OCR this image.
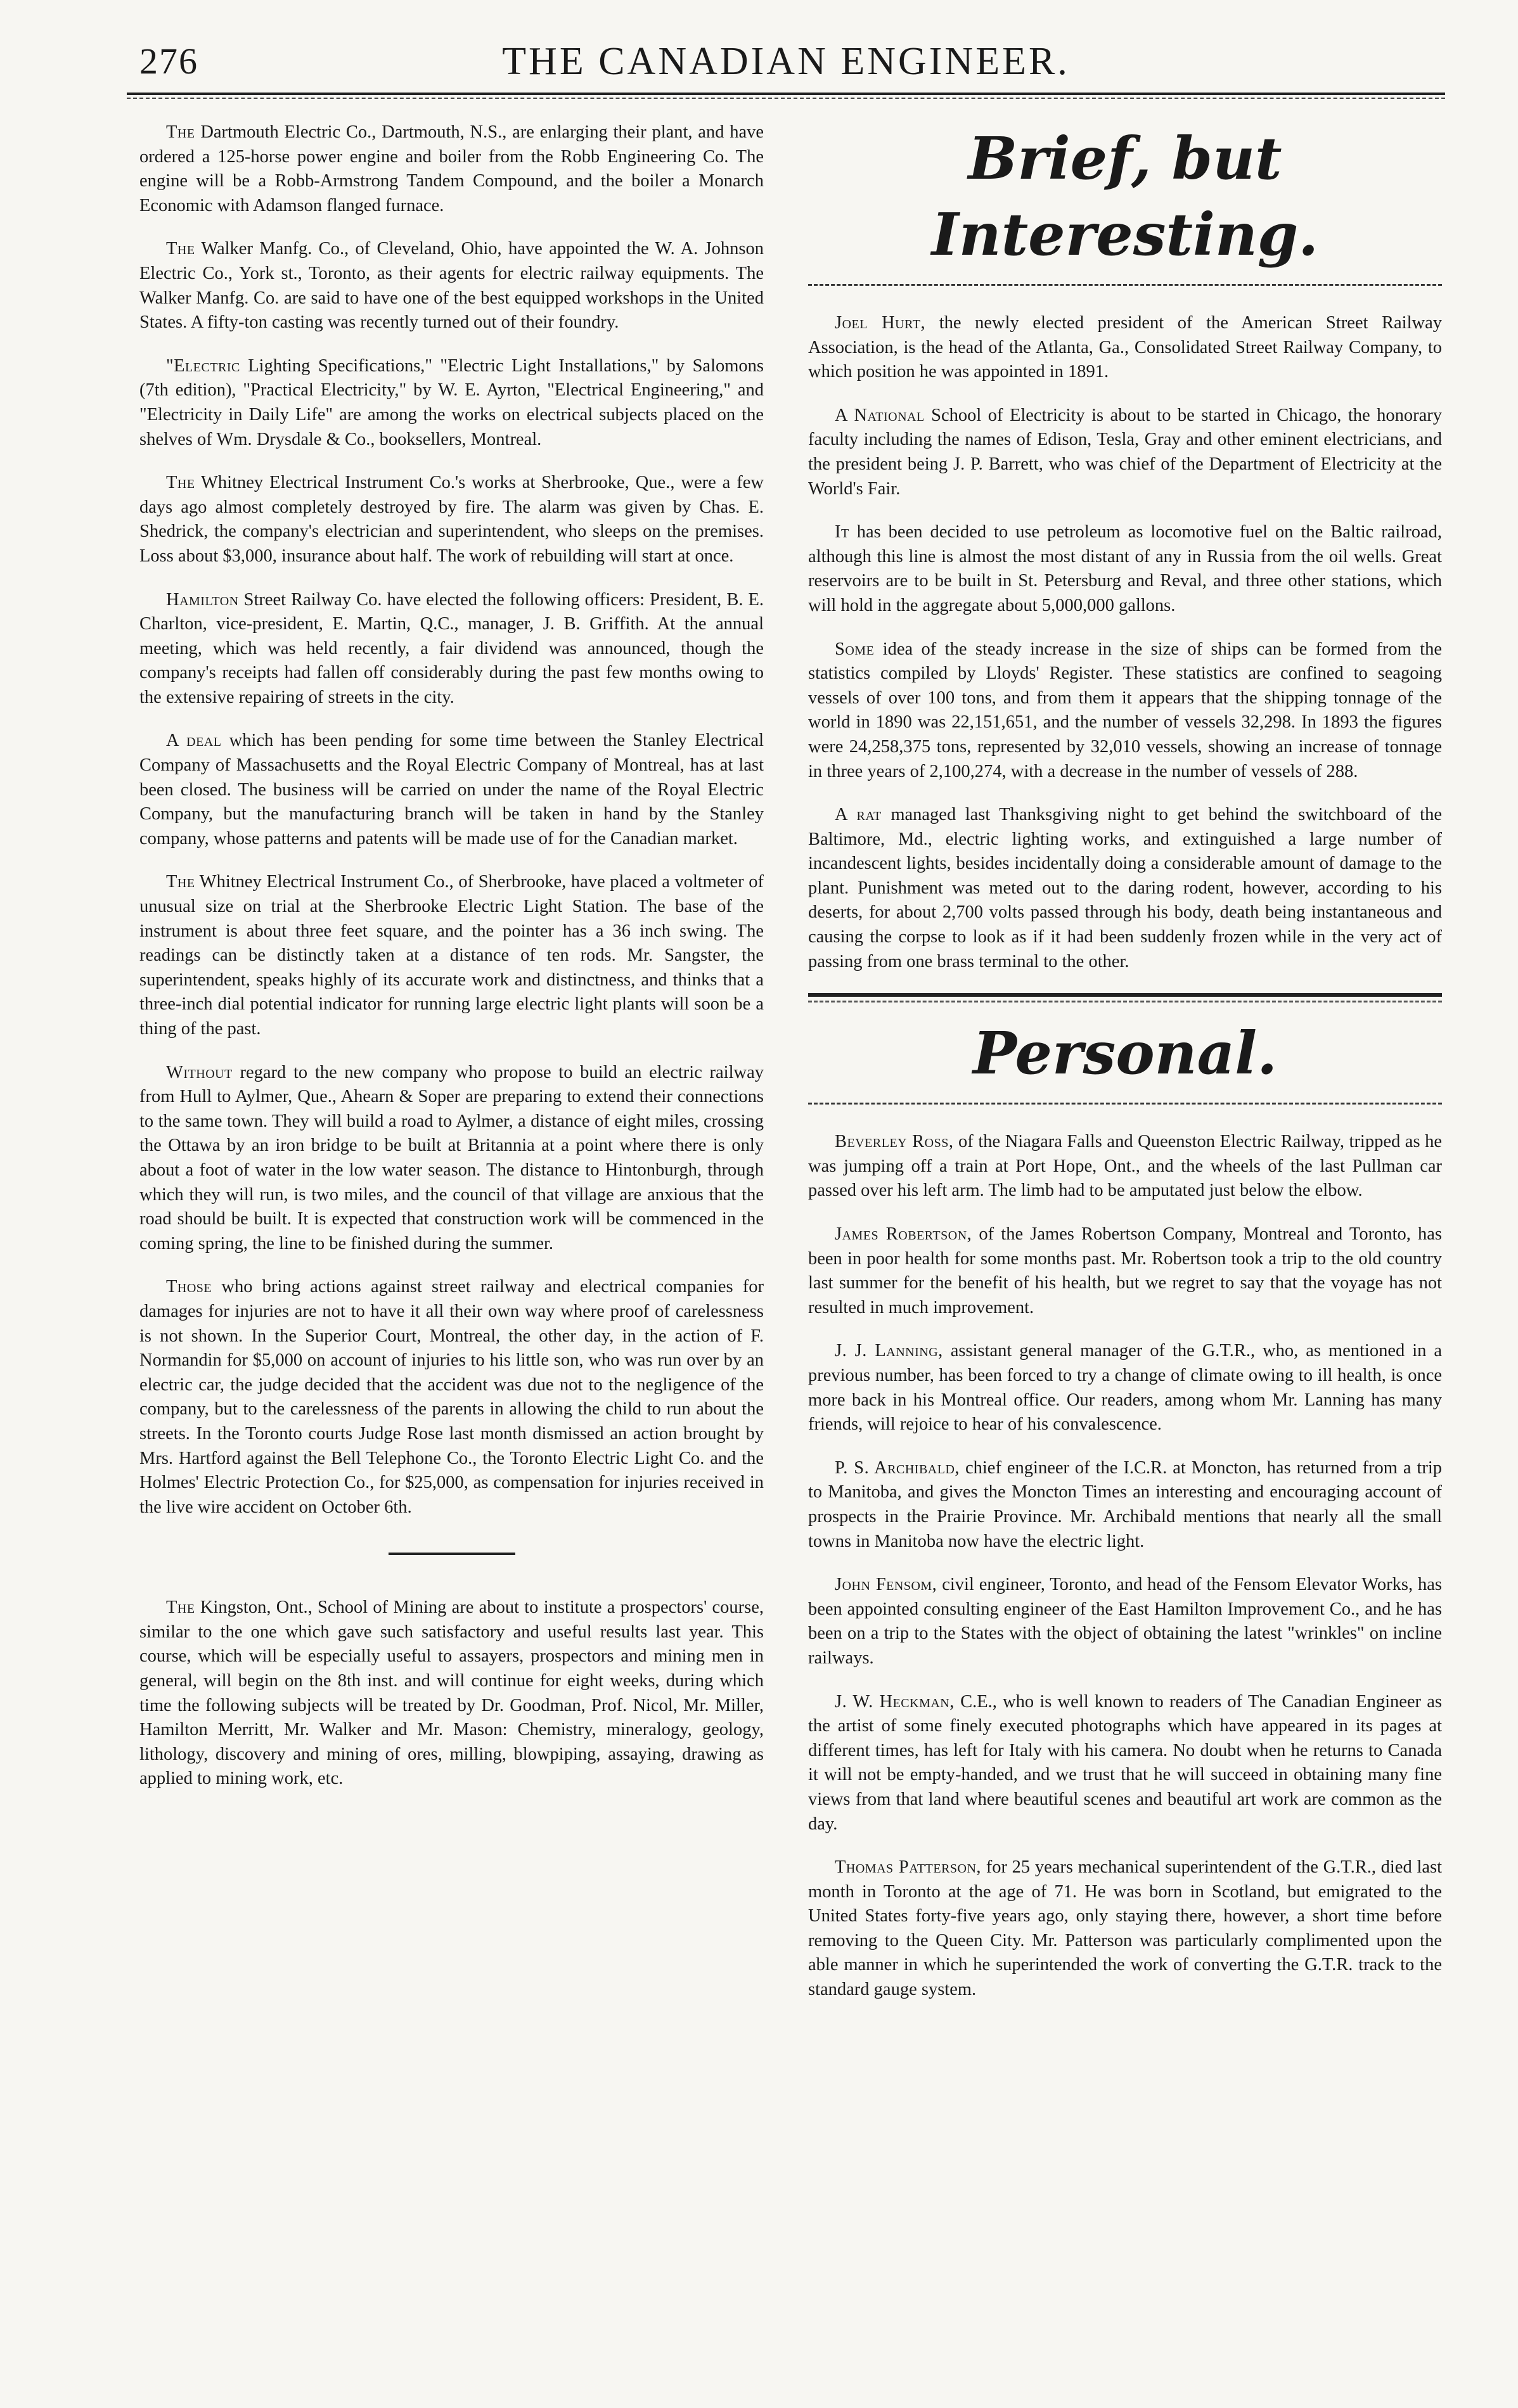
276	THE CANADIAN ENGINEER.

The Dartmouth Electric Co., Dartmouth, N.S., are enlarging their plant, and have ordered a 125-horse power engine and boiler from the Robb Engineering Co. The engine will be a Robb-Armstrong Tandem Compound, and the boiler a Monarch Economic with Adamson flanged furnace.

The Walker Manfg. Co., of Cleveland, Ohio, have appointed the W. A. Johnson Electric Co., York st., Toronto, as their agents for electric railway equipments. The Walker Manfg. Co. are said to have one of the best equipped workshops in the United States. A fifty-ton casting was recently turned out of their foundry.

"Electric Lighting Specifications," "Electric Light Installations," by Salomons (7th edition), "Practical Electricity," by W. E. Ayrton, "Electrical Engineering," and "Electricity in Daily Life" are among the works on electrical subjects placed on the shelves of Wm. Drysdale & Co., booksellers, Montreal.

The Whitney Electrical Instrument Co.'s works at Sherbrooke, Que., were a few days ago almost completely destroyed by fire. The alarm was given by Chas. E. Shedrick, the company's electrician and superintendent, who sleeps on the premises. Loss about $3,000, insurance about half. The work of rebuilding will start at once.

Hamilton Street Railway Co. have elected the following officers: President, B. E. Charlton, vice-president, E. Martin, Q.C., manager, J. B. Griffith. At the annual meeting, which was held recently, a fair dividend was announced, though the company's receipts had fallen off considerably during the past few months owing to the extensive repairing of streets in the city.

A deal which has been pending for some time between the Stanley Electrical Company of Massachusetts and the Royal Electric Company of Montreal, has at last been closed. The business will be carried on under the name of the Royal Electric Company, but the manufacturing branch will be taken in hand by the Stanley company, whose patterns and patents will be made use of for the Canadian market.

The Whitney Electrical Instrument Co., of Sherbrooke, have placed a voltmeter of unusual size on trial at the Sherbrooke Electric Light Station. The base of the instrument is about three feet square, and the pointer has a 36 inch swing. The readings can be distinctly taken at a distance of ten rods. Mr. Sangster, the superintendent, speaks highly of its accurate work and distinctness, and thinks that a three-inch dial potential indicator for running large electric light plants will soon be a thing of the past.

Without regard to the new company who propose to build an electric railway from Hull to Aylmer, Que., Ahearn & Soper are preparing to extend their connections to the same town. They will build a road to Aylmer, a distance of eight miles, crossing the Ottawa by an iron bridge to be built at Britannia at a point where there is only about a foot of water in the low water season. The distance to Hintonburgh, through which they will run, is two miles, and the council of that village are anxious that the road should be built. It is expected that construction work will be commenced in the coming spring, the line to be finished during the summer.

Those who bring actions against street railway and electrical companies for damages for injuries are not to have it all their own way where proof of carelessness is not shown. In the Superior Court, Montreal, the other day, in the action of F. Normandin for $5,000 on account of injuries to his little son, who was run over by an electric car, the judge decided that the accident was due not to the negligence of the company, but to the carelessness of the parents in allowing the child to run about the streets. In the Toronto courts Judge Rose last month dismissed an action brought by Mrs. Hartford against the Bell Telephone Co., the Toronto Electric Light Co. and the Holmes' Electric Protection Co., for $25,000, as compensation for injuries received in the live wire accident on October 6th.

The Kingston, Ont., School of Mining are about to institute a prospectors' course, similar to the one which gave such satisfactory and useful results last year. This course, which will be especially useful to assayers, prospectors and mining men in general, will begin on the 8th inst. and will continue for eight weeks, during which time the following subjects will be treated by Dr. Goodman, Prof. Nicol, Mr. Miller, Hamilton Merritt, Mr. Walker and Mr. Mason: Chemistry, mineralogy, geology, lithology, discovery and mining of ores, milling, blowpiping, assaying, drawing as applied to mining work, etc.

Brief, but Interesting.

Joel Hurt, the newly elected president of the American Street Railway Association, is the head of the Atlanta, Ga., Consolidated Street Railway Company, to which position he was appointed in 1891.

A National School of Electricity is about to be started in Chicago, the honorary faculty including the names of Edison, Tesla, Gray and other eminent electricians, and the president being J. P. Barrett, who was chief of the Department of Electricity at the World's Fair.

It has been decided to use petroleum as locomotive fuel on the Baltic railroad, although this line is almost the most distant of any in Russia from the oil wells. Great reservoirs are to be built in St. Petersburg and Reval, and three other stations, which will hold in the aggregate about 5,000,000 gallons.

Some idea of the steady increase in the size of ships can be formed from the statistics compiled by Lloyds' Register. These statistics are confined to seagoing vessels of over 100 tons, and from them it appears that the shipping tonnage of the world in 1890 was 22,151,651, and the number of vessels 32,298. In 1893 the figures were 24,258,375 tons, represented by 32,010 vessels, showing an increase of tonnage in three years of 2,100,274, with a decrease in the number of vessels of 288.

A rat managed last Thanksgiving night to get behind the switchboard of the Baltimore, Md., electric lighting works, and extinguished a large number of incandescent lights, besides incidentally doing a considerable amount of damage to the plant. Punishment was meted out to the daring rodent, however, according to his deserts, for about 2,700 volts passed through his body, death being instantaneous and causing the corpse to look as if it had been suddenly frozen while in the very act of passing from one brass terminal to the other.

Personal.

Beverley Ross, of the Niagara Falls and Queenston Electric Railway, tripped as he was jumping off a train at Port Hope, Ont., and the wheels of the last Pullman car passed over his left arm. The limb had to be amputated just below the elbow.

James Robertson, of the James Robertson Company, Montreal and Toronto, has been in poor health for some months past. Mr. Robertson took a trip to the old country last summer for the benefit of his health, but we regret to say that the voyage has not resulted in much improvement.

J. J. Lanning, assistant general manager of the G.T.R., who, as mentioned in a previous number, has been forced to try a change of climate owing to ill health, is once more back in his Montreal office. Our readers, among whom Mr. Lanning has many friends, will rejoice to hear of his convalescence.

P. S. Archibald, chief engineer of the I.C.R. at Moncton, has returned from a trip to Manitoba, and gives the Moncton Times an interesting and encouraging account of prospects in the Prairie Province. Mr. Archibald mentions that nearly all the small towns in Manitoba now have the electric light.

John Fensom, civil engineer, Toronto, and head of the Fensom Elevator Works, has been appointed consulting engineer of the East Hamilton Improvement Co., and he has been on a trip to the States with the object of obtaining the latest "wrinkles" on incline railways.

J. W. Heckman, C.E., who is well known to readers of The Canadian Engineer as the artist of some finely executed photographs which have appeared in its pages at different times, has left for Italy with his camera. No doubt when he returns to Canada it will not be empty-handed, and we trust that he will succeed in obtaining many fine views from that land where beautiful scenes and beautiful art work are common as the day.

Thomas Patterson, for 25 years mechanical superintendent of the G.T.R., died last month in Toronto at the age of 71. He was born in Scotland, but emigrated to the United States forty-five years ago, only staying there, however, a short time before removing to the Queen City. Mr. Patterson was particularly complimented upon the able manner in which he superintended the work of converting the G.T.R. track to the standard gauge system.
